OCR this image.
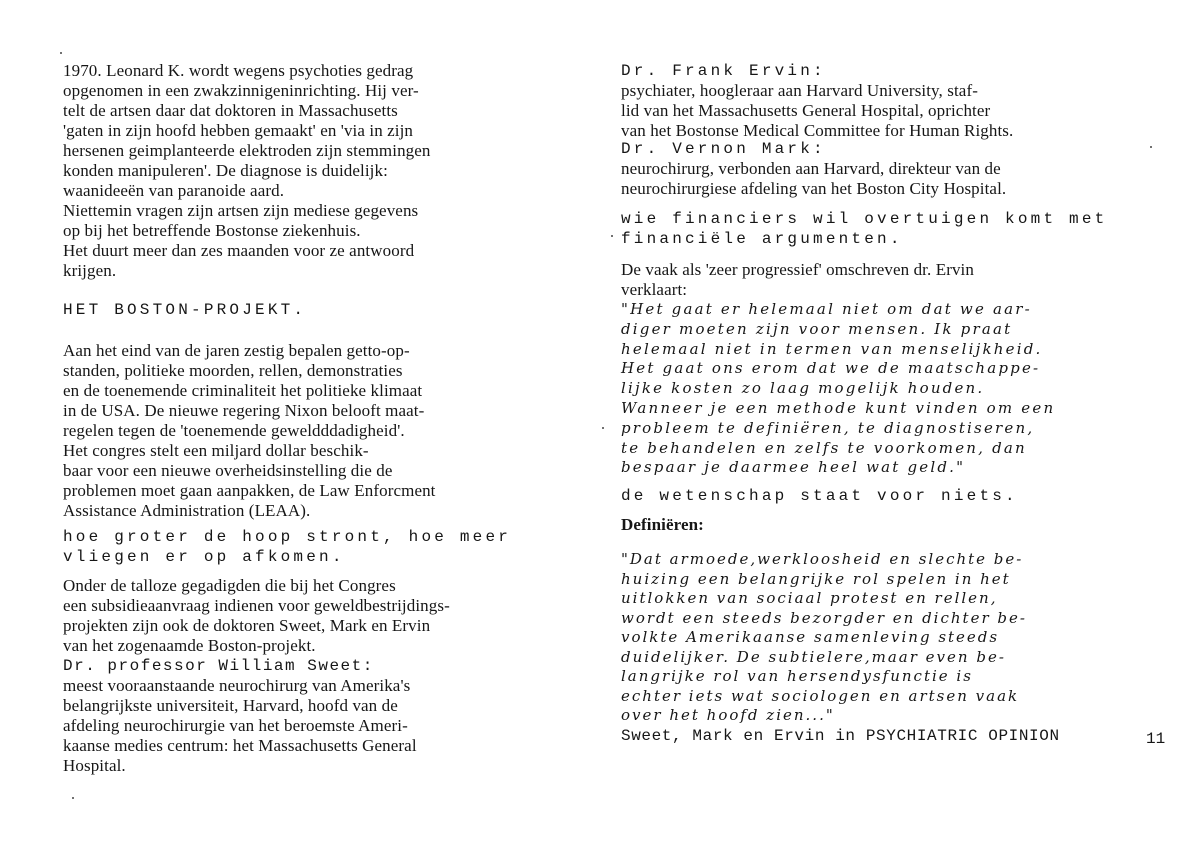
1970. Leonard K. wordt wegens psychoties gedrag
opgenomen in een zwakzinnigeninrichting. Hij ver-
telt de artsen daar dat doktoren in Massachusetts
'gaten in zijn hoofd hebben gemaakt' en 'via in zijn
hersenen geimplanteerde elektroden zijn stemmingen
konden manipuleren'. De diagnose is duidelijk:
waanideeën van paranoide aard.
Niettemin vragen zijn artsen zijn mediese gegevens
op bij het betreffende Bostonse ziekenhuis.
Het duurt meer dan zes maanden voor ze antwoord
krijgen.
HET BOSTON-PROJEKT.
Aan het eind van de jaren zestig bepalen getto-op-
standen, politieke moorden, rellen, demonstraties
en de toenemende criminaliteit het politieke klimaat
in de USA. De nieuwe regering Nixon belooft maat-
regelen tegen de 'toenemende geweldddadigheid'.
Het congres stelt een miljard dollar beschik-
baar voor een nieuwe overheidsinstelling die de
problemen moet gaan aanpakken, de Law Enforcment
Assistance Administration (LEAA).
hoe groter de hoop stront, hoe meer
vliegen er op afkomen.
Onder de talloze gegadigden die bij het Congres
een subsidieaanvraag indienen voor geweldbestrijdings-
projekten zijn ook de doktoren Sweet, Mark en Ervin
van het zogenaamde Boston-projekt.
Dr. professor William Sweet:
meest vooraanstaande neurochirurg van Amerika's
belangrijkste universiteit, Harvard, hoofd van de
afdeling neurochirurgie van het beroemste Ameri-
kaanse medies centrum: het Massachusetts General
Hospital.
Dr. Frank Ervin:
psychiater, hoogleraar aan Harvard University, staf-
lid van het Massachusetts General Hospital, oprichter
van het Bostonse Medical Committee for Human Rights.
Dr. Vernon Mark:
neurochirurg, verbonden aan Harvard, direkteur van de
neurochirurgiese afdeling van het Boston City Hospital.
wie financiers wil overtuigen komt met
financiële argumenten.
De vaak als 'zeer progressief' omschreven dr. Ervin
verklaart:
"Het gaat er helemaal niet om dat we aar-
diger moeten zijn voor mensen. Ik praat
helemaal niet in termen van menselijkheid.
Het gaat ons erom dat we de maatschappe-
lijke kosten zo laag mogelijk houden.
Wanneer je een methode kunt vinden om een
probleem te definiëren, te diagnostiseren,
te behandelen en zelfs te voorkomen, dan
bespaar je daarmee heel wat geld."
de wetenschap staat voor niets.
Definiëren:
"Dat armoede,werkloosheid en slechte be-
huizing een belangrijke rol spelen in het
uitlokken van sociaal protest en rellen,
wordt een steeds bezorgder en dichter be-
volkte Amerikaanse samenleving steeds
duidelijker. De subtielere,maar even be-
langrijke rol van hersendysfunctie is
echter iets wat sociologen en artsen vaak
over het hoofd zien..."
Sweet, Mark en Ervin in PSYCHIATRIC OPINION	11
